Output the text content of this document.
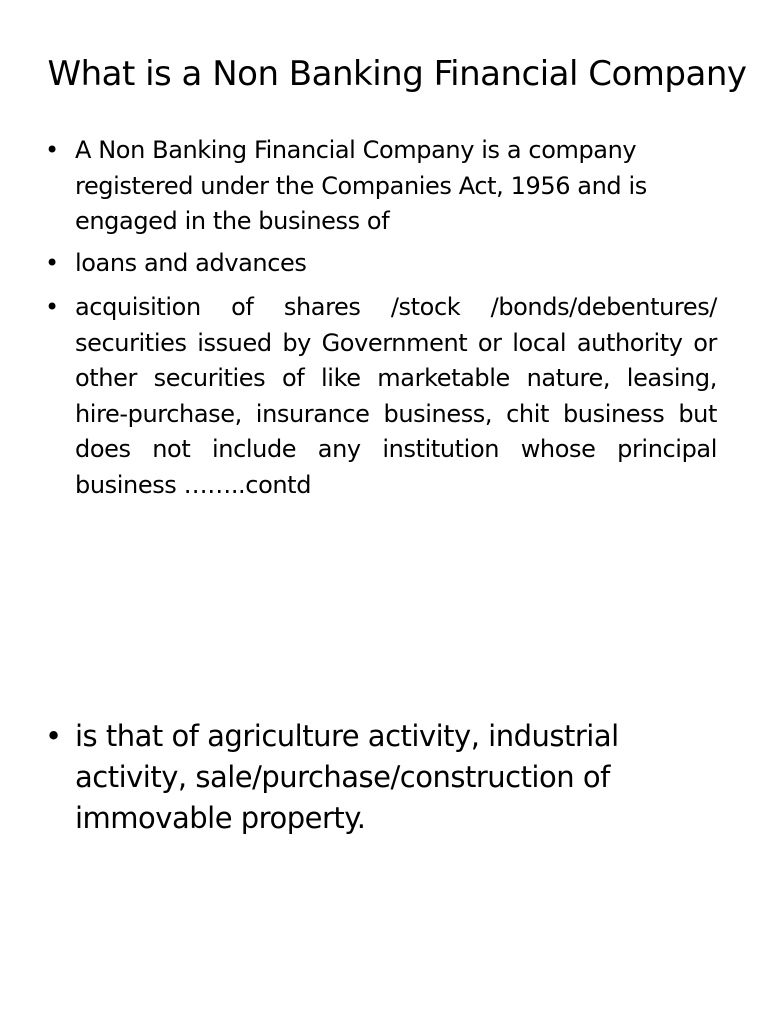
What is a Non Banking Financial Company
• A Non Banking Financial Company is a company registered under the Companies Act, 1956 and is engaged in the business of
• loans and advances
• acquisition of shares /stock /bonds/debentures/ securities issued by Government or local authority or other securities of like marketable nature, leasing, hire-purchase, insurance business, chit business but does not include any institution whose principal business ……..contd
• is that of agriculture activity, industrial activity, sale/purchase/construction of immovable property.
